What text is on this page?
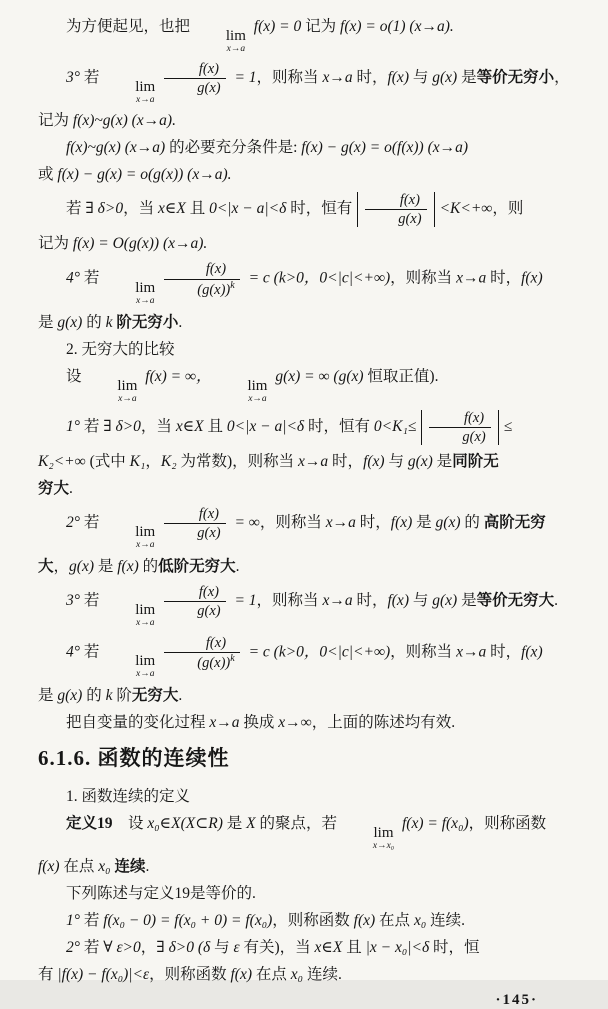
为方便起见，也把
lim
x→a
f(x) = 0 记为 f(x) = o(1) (x→a).
3° 若
lim
x→a
$\frac{f(x)}{g(x)} = 1$，则称当 x→a 时，f(x) 与 g(x) 是等价无穷小，
记为 f(x)~g(x) (x→a).
f(x)~g(x) (x→a) 的必要充分条件是: f(x) − g(x) = o(f(x)) (x→a)
或 f(x) − g(x) = o(g(x)) (x→a).
若 ∃ δ>0，当 x∈X 且 0<|x − a|<δ 时，恒有 $\frac{f(x)}{g(x)} <K<+\infty$，则
记为 f(x) = O(g(x)) (x→a).
4° 若
lim
x→a
$\frac{f(x)}{(g(x))^k} = c$ (k>0，0<|c|<+∞)，则称当 x→a 时，f(x)
是 g(x) 的 k 阶无穷小.
2. 无穷大的比较
设
lim
x→a
f(x) = ∞，
lim
x→a
g(x) = ∞ (g(x) 恒取正值).
1° 若 ∃ δ>0，当 x∈X 且 0<|x − a|<δ 时，恒有 $0<K_1\le \frac{f(x)}{g(x)}$ ≤
K₂<+∞ (式中 K₁，K₂ 为常数)，则称当 x→a 时，f(x) 与 g(x) 是同阶无
穷大.
2° 若
lim
x→a
$\frac{f(x)}{g(x)}$ = ∞，则称当 x→a 时，f(x) 是 g(x) 的 高阶无穷
大，g(x) 是 f(x) 的低阶无穷大.
3° 若
lim
x→a
$\frac{f(x)}{g(x)} = 1$，则称当 x→a 时，f(x) 与 g(x) 是等价无穷大.
4° 若
lim
x→a
$\frac{f(x)}{(g(x))^k} = c$ (k>0，0<|c|<+∞)，则称当 x→a 时，f(x)
是 g(x) 的 k 阶无穷大.
把自变量的变化过程 x→a 换成 x→∞，上面的陈述均有效.
6.1.6. 函数的连续性
1. 函数连续的定义
定义19　设 x₀∈X(X⊂R) 是 X 的聚点，若
lim
x→x₀
f(x) = f(x₀)，则称函数
f(x) 在点 x₀ 连续.
下列陈述与定义19是等价的.
1° 若 f(x₀ − 0) = f(x₀ + 0) = f(x₀)，则称函数 f(x) 在点 x₀ 连续.
2° 若 ∀ ε>0，∃ δ>0 (δ 与 ε 有关)，当 x∈X 且 |x − x₀|<δ 时，恒
有 |f(x) − f(x₀)|<ε，则称函数 f(x) 在点 x₀ 连续.
·145·
